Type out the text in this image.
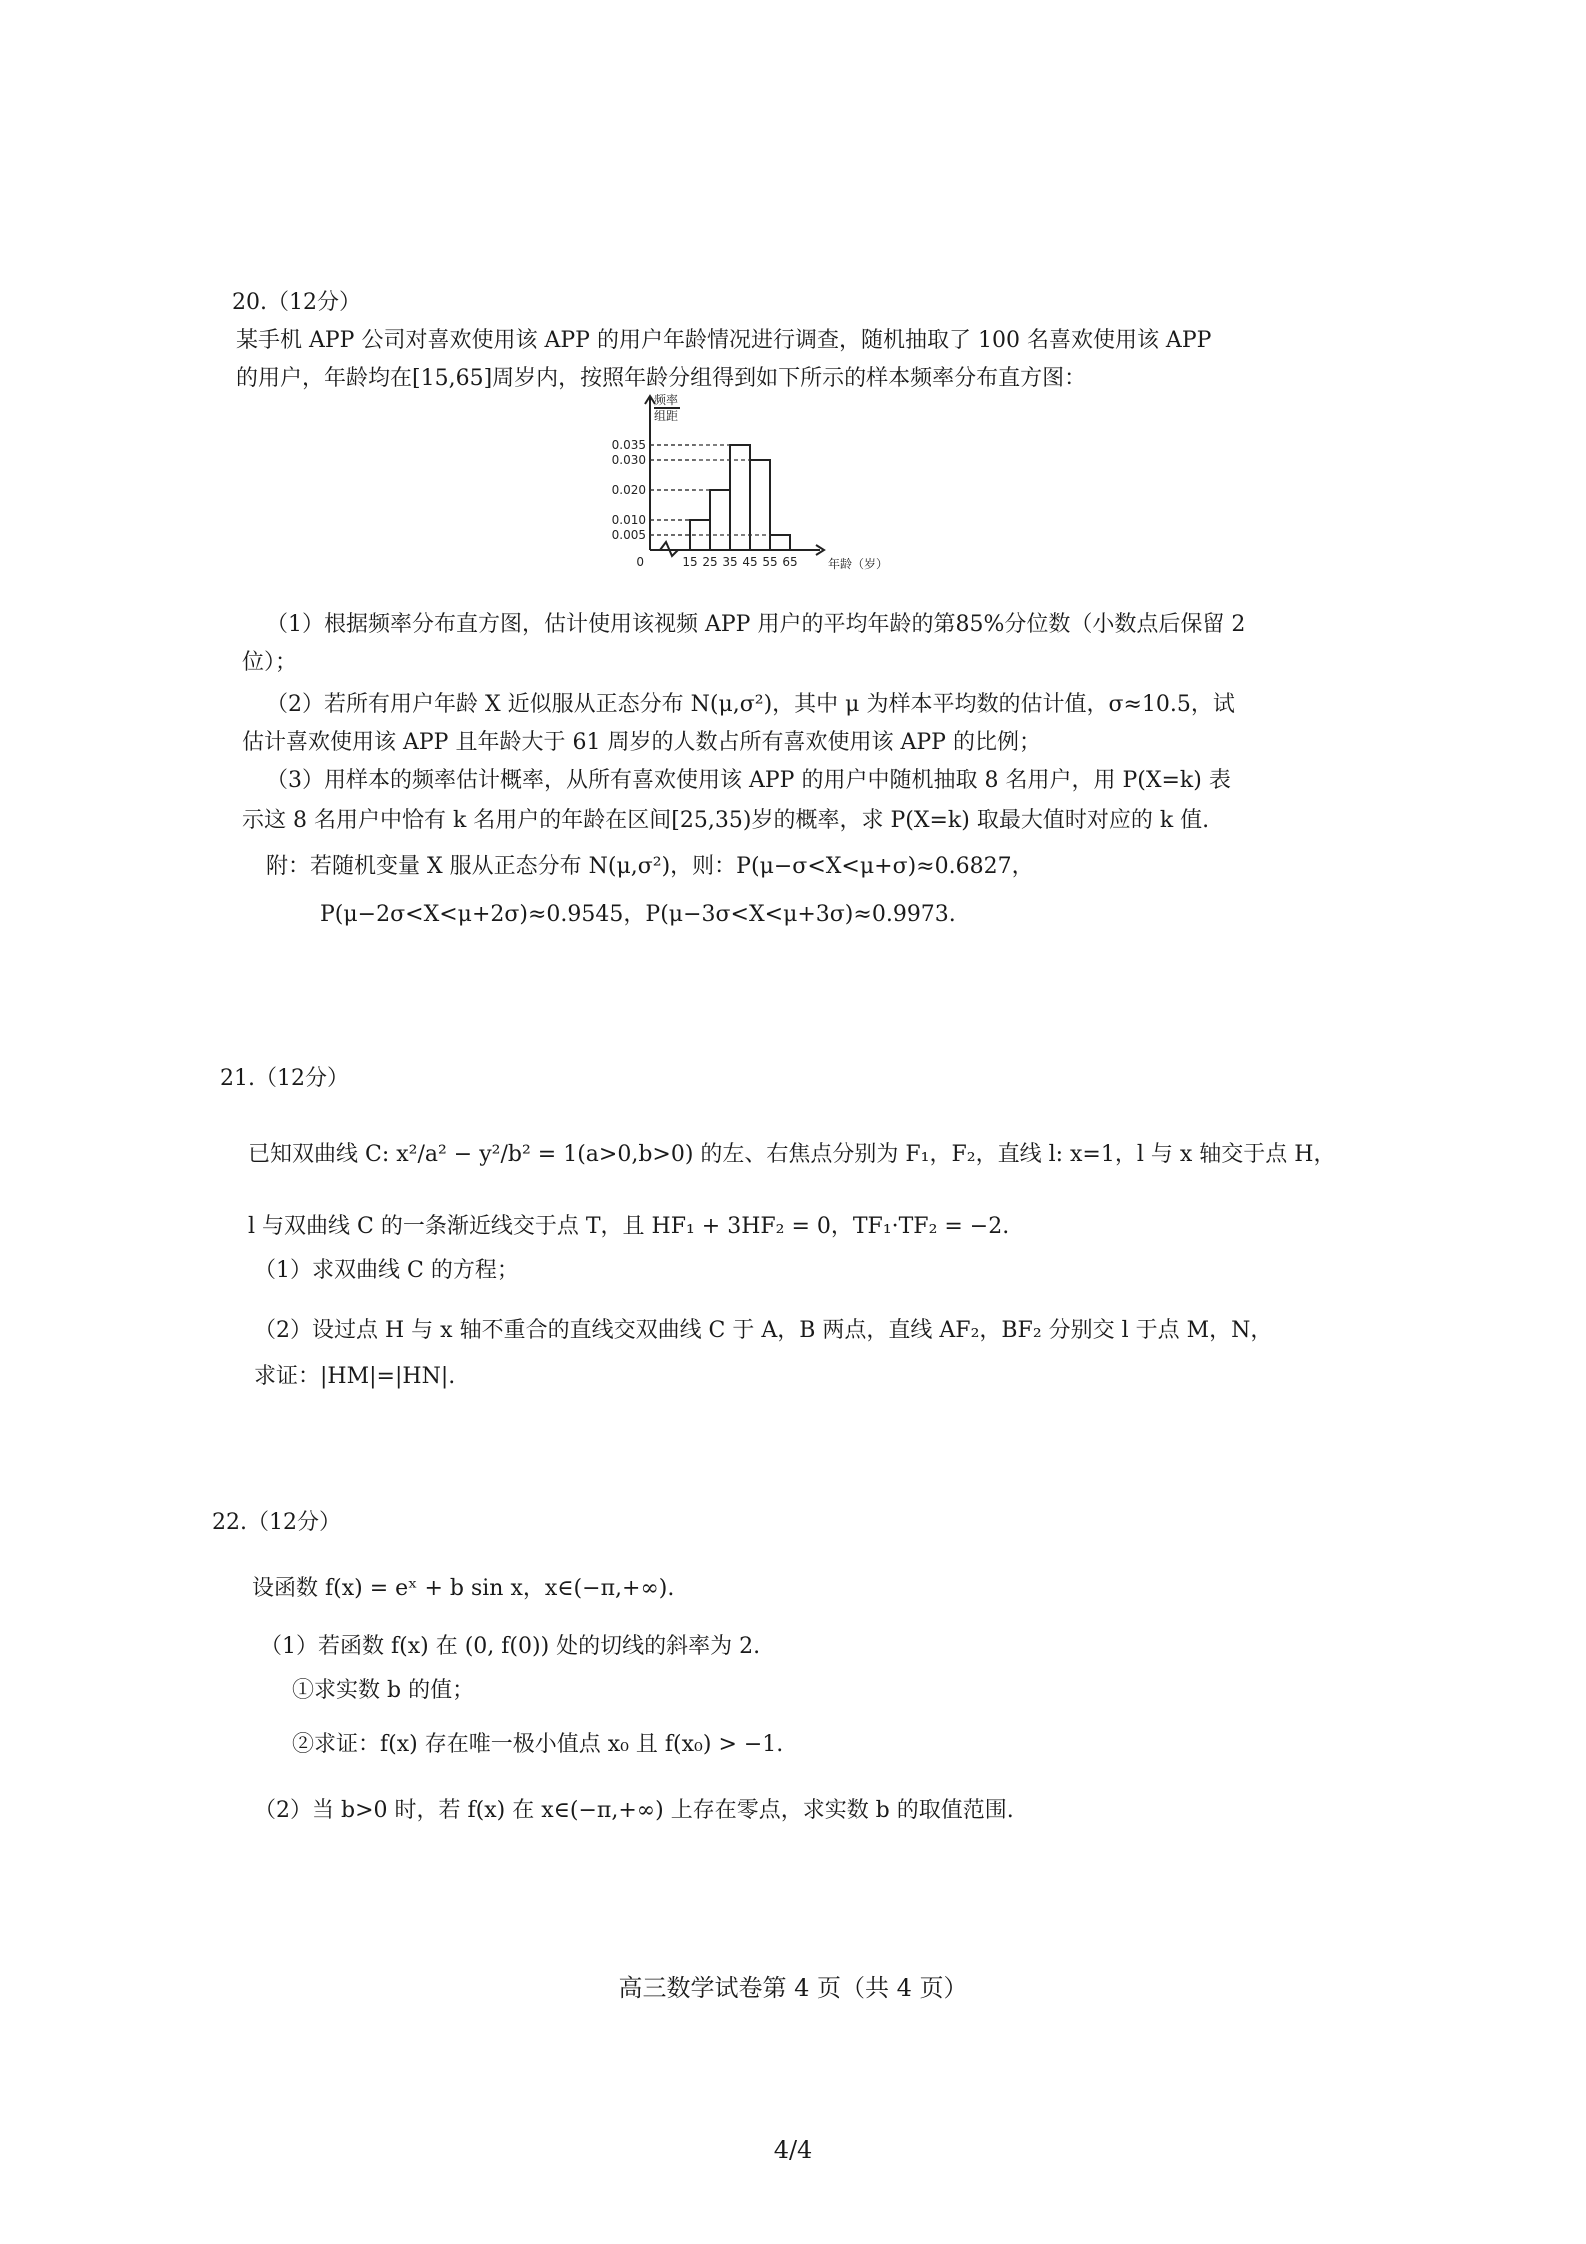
20.（12分）
某手机 APP 公司对喜欢使用该 APP 的用户年龄情况进行调查，随机抽取了 100 名喜欢使用该 APP
的用户，年龄均在[15,65]周岁内，按照年龄分组得到如下所示的样本频率分布直方图：
0.005
0.010
0.020
0.030
0.035
15 25 35 45 55 65
0	年龄（岁）
频率
组距
（1）根据频率分布直方图，估计使用该视频 APP 用户的平均年龄的第85%分位数（小数点后保留 2
位）；
（2）若所有用户年龄 X 近似服从正态分布 N(μ,σ²)，其中 μ 为样本平均数的估计值，σ≈10.5，试
估计喜欢使用该 APP 且年龄大于 61 周岁的人数占所有喜欢使用该 APP 的比例；
（3）用样本的频率估计概率，从所有喜欢使用该 APP 的用户中随机抽取 8 名用户，用 P(X=k) 表
示这 8 名用户中恰有 k 名用户的年龄在区间[25,35)岁的概率，求 P(X=k) 取最大值时对应的 k 值.
附：若随机变量 X 服从正态分布 N(μ,σ²)，则：P(μ−σ<X<μ+σ)≈0.6827，
P(μ−2σ<X<μ+2σ)≈0.9545，P(μ−3σ<X<μ+3σ)≈0.9973.
21.（12分）
已知双曲线 C: x²/a² − y²/b² = 1(a>0,b>0) 的左、右焦点分别为 F₁，F₂，直线 l: x=1，l 与 x 轴交于点 H，
l 与双曲线 C 的一条渐近线交于点 T，且 HF₁ + 3HF₂ = 0，TF₁·TF₂ = −2.
（1）求双曲线 C 的方程；
（2）设过点 H 与 x 轴不重合的直线交双曲线 C 于 A，B 两点，直线 AF₂，BF₂ 分别交 l 于点 M，N，
求证：|HM|=|HN|.
22.（12分）
设函数 f(x) = eˣ + b sin x，x∈(−π,+∞).
（1）若函数 f(x) 在 (0, f(0)) 处的切线的斜率为 2.
①求实数 b 的值；
②求证：f(x) 存在唯一极小值点 x₀ 且 f(x₀) > −1.
（2）当 b>0 时，若 f(x) 在 x∈(−π,+∞) 上存在零点，求实数 b 的取值范围.
高三数学试卷第 4 页（共 4 页）
4/4
